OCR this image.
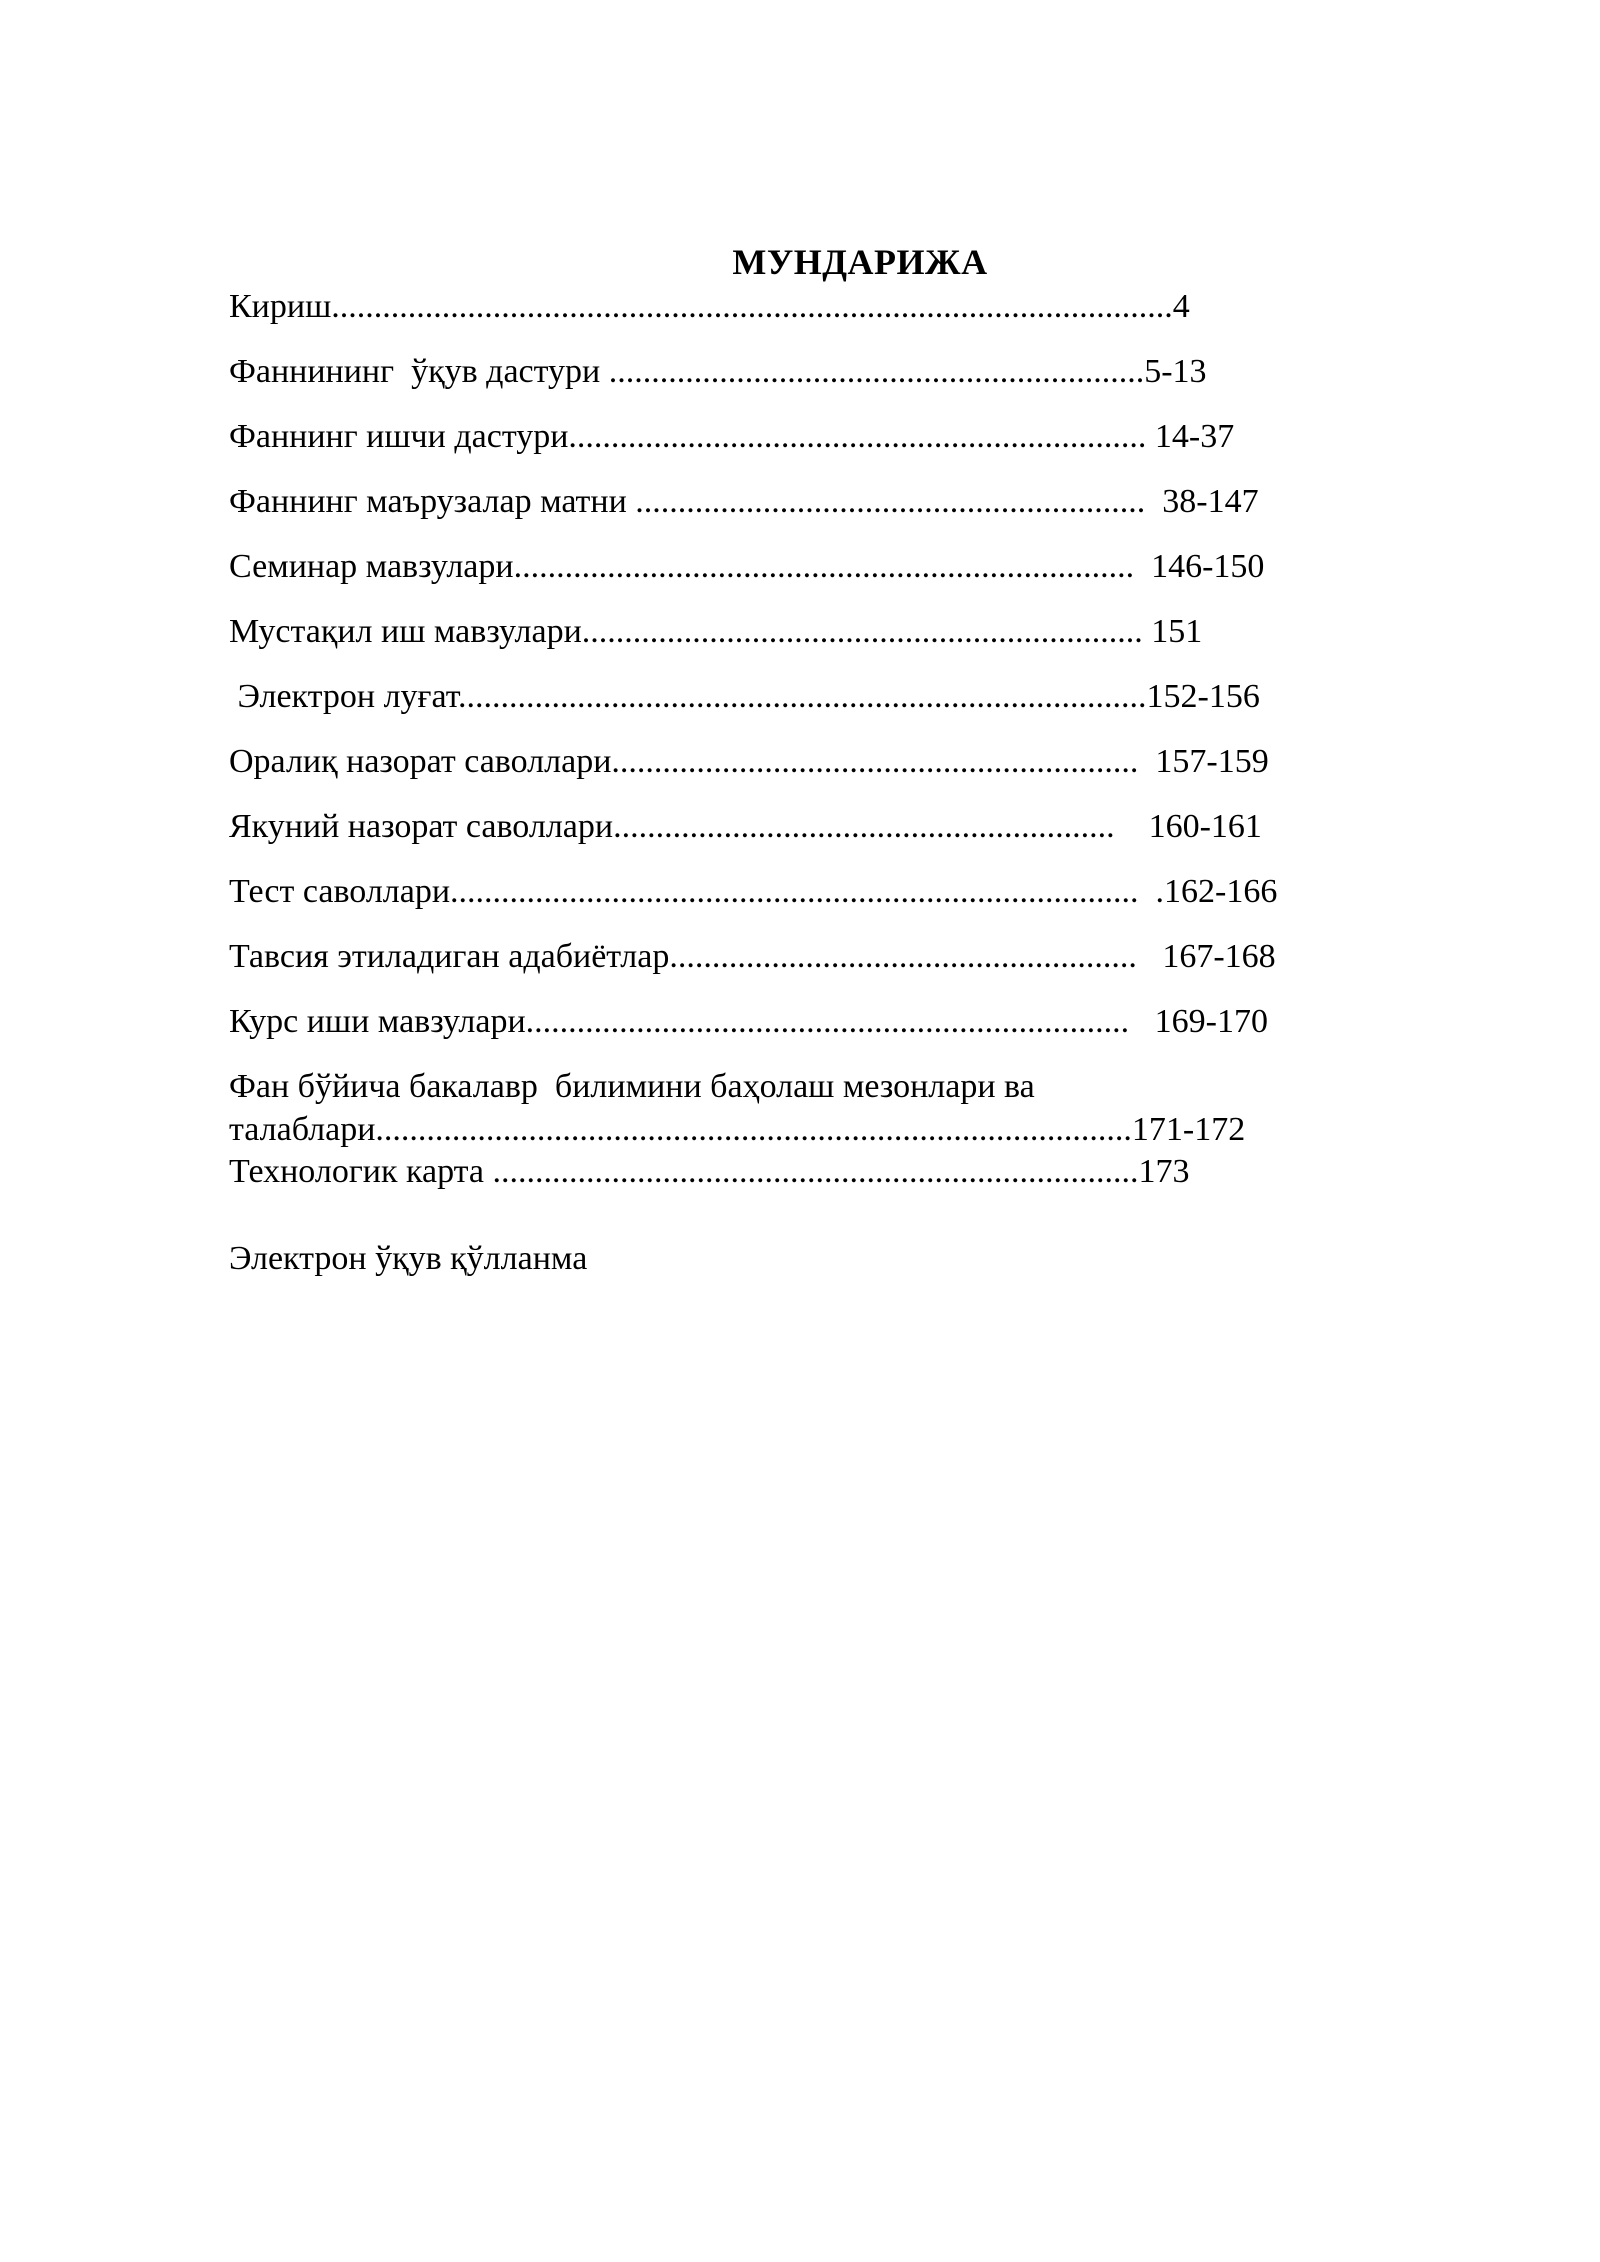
МУНДАРИЖА
Кириш...................................................................................................4
Фаннининг  ўқув дастури ...............................................................5-13
Фаннинг ишчи дастури.................................................................... 14-37
Фаннинг маърузалар матни ............................................................  38-147
Семинар мавзулари.........................................................................  146-150
Мустақил иш мавзулари.................................................................. 151
Электрон луғат.................................................................................152-156
Оралиқ назорат саволлари..............................................................  157-159
Якуний назорат саволлари...........................................................    160-161
Тест саволлари.................................................................................  .162-166
Тавсия этиладиган адабиётлар.......................................................   167-168
Курс иши мавзулари.......................................................................   169-170
Фан бўйича бакалавр  билимини баҳолаш мезонлари ва
талаблари.........................................................................................171-172
Технологик карта ............................................................................173
Электрон ўқув қўлланма
